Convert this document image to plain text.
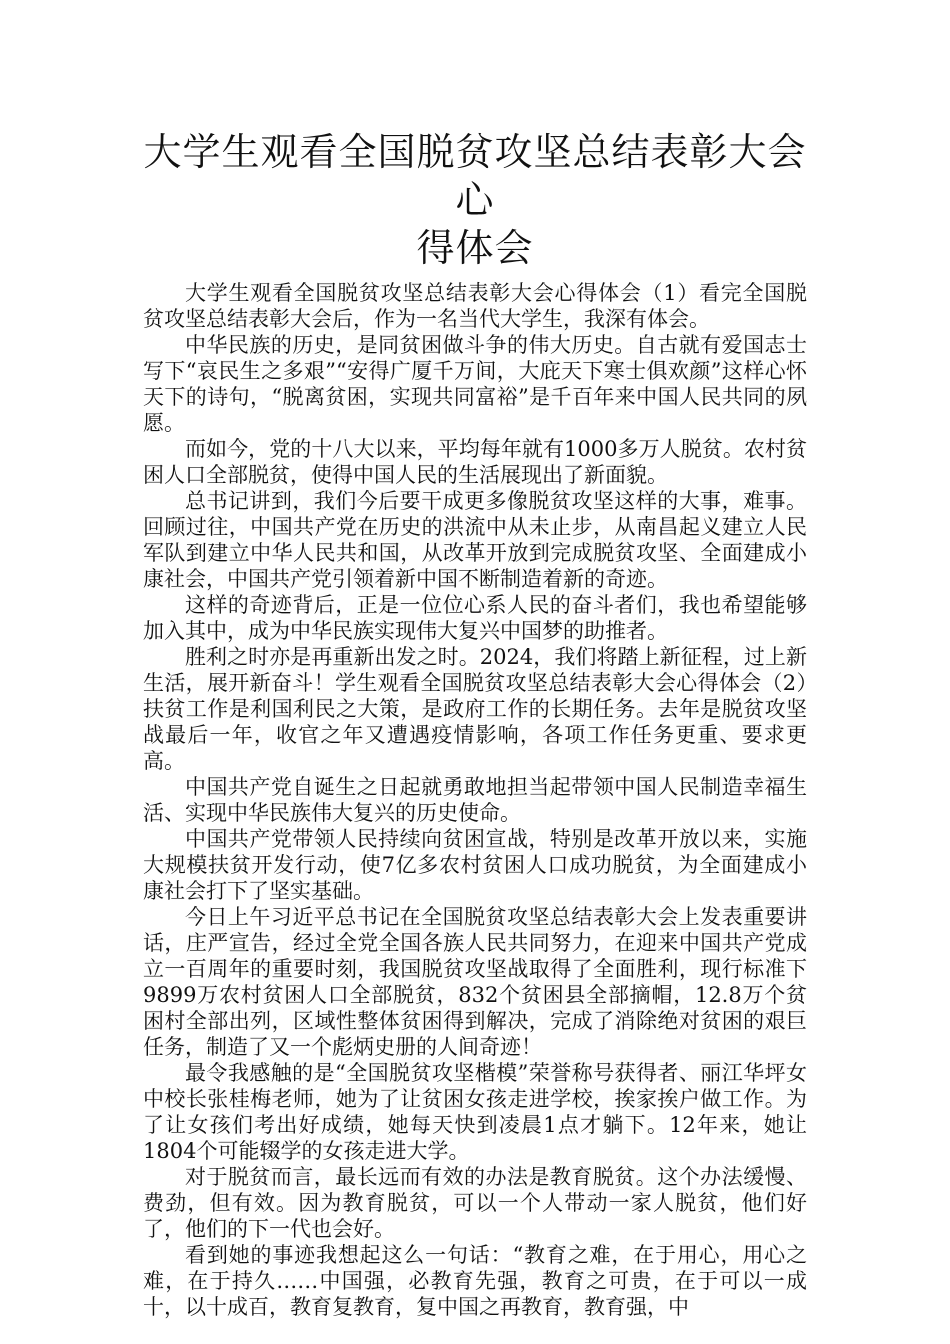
大学生观看全国脱贫攻坚总结表彰大会心
得体会

大学生观看全国脱贫攻坚总结表彰大会心得体会（1）看完全国脱贫攻坚总结表彰大会后，作为一名当代大学生，我深有体会。

中华民族的历史，是同贫困做斗争的伟大历史。自古就有爱国志士写下“哀民生之多艰”“安得广厦千万间，大庇天下寒士俱欢颜”这样心怀天下的诗句，“脱离贫困，实现共同富裕”是千百年来中国人民共同的夙愿。

而如今，党的十八大以来，平均每年就有1000多万人脱贫。农村贫困人口全部脱贫，使得中国人民的生活展现出了新面貌。

总书记讲到，我们今后要干成更多像脱贫攻坚这样的大事，难事。回顾过往，中国共产党在历史的洪流中从未止步，从南昌起义建立人民军队到建立中华人民共和国，从改革开放到完成脱贫攻坚、全面建成小康社会，中国共产党引领着新中国不断制造着新的奇迹。

这样的奇迹背后，正是一位位心系人民的奋斗者们，我也希望能够加入其中，成为中华民族实现伟大复兴中国梦的助推者。

胜利之时亦是再重新出发之时。2024，我们将踏上新征程，过上新生活，展开新奋斗！学生观看全国脱贫攻坚总结表彰大会心得体会（2）扶贫工作是利国利民之大策，是政府工作的长期任务。去年是脱贫攻坚战最后一年，收官之年又遭遇疫情影响，各项工作任务更重、要求更高。

中国共产党自诞生之日起就勇敢地担当起带领中国人民制造幸福生活、实现中华民族伟大复兴的历史使命。

中国共产党带领人民持续向贫困宣战，特别是改革开放以来，实施大规模扶贫开发行动，使7亿多农村贫困人口成功脱贫，为全面建成小康社会打下了坚实基础。

今日上午习近平总书记在全国脱贫攻坚总结表彰大会上发表重要讲话，庄严宣告，经过全党全国各族人民共同努力，在迎来中国共产党成立一百周年的重要时刻，我国脱贫攻坚战取得了全面胜利，现行标准下9899万农村贫困人口全部脱贫，832个贫困县全部摘帽，12.8万个贫困村全部出列，区域性整体贫困得到解决，完成了消除绝对贫困的艰巨任务，制造了又一个彪炳史册的人间奇迹！

最令我感触的是“全国脱贫攻坚楷模”荣誉称号获得者、丽江华坪女中校长张桂梅老师，她为了让贫困女孩走进学校，挨家挨户做工作。为了让女孩们考出好成绩，她每天快到凌晨1点才躺下。12年来，她让1804个可能辍学的女孩走进大学。

对于脱贫而言，最长远而有效的办法是教育脱贫。这个办法缓慢、费劲，但有效。因为教育脱贫，可以一个人带动一家人脱贫，他们好了，他们的下一代也会好。

看到她的事迹我想起这么一句话：“教育之难，在于用心，用心之难，在于持久……中国强，必教育先强，教育之可贵，在于可以一成十，以十成百，教育复教育，复中国之再教育，教育强，中
